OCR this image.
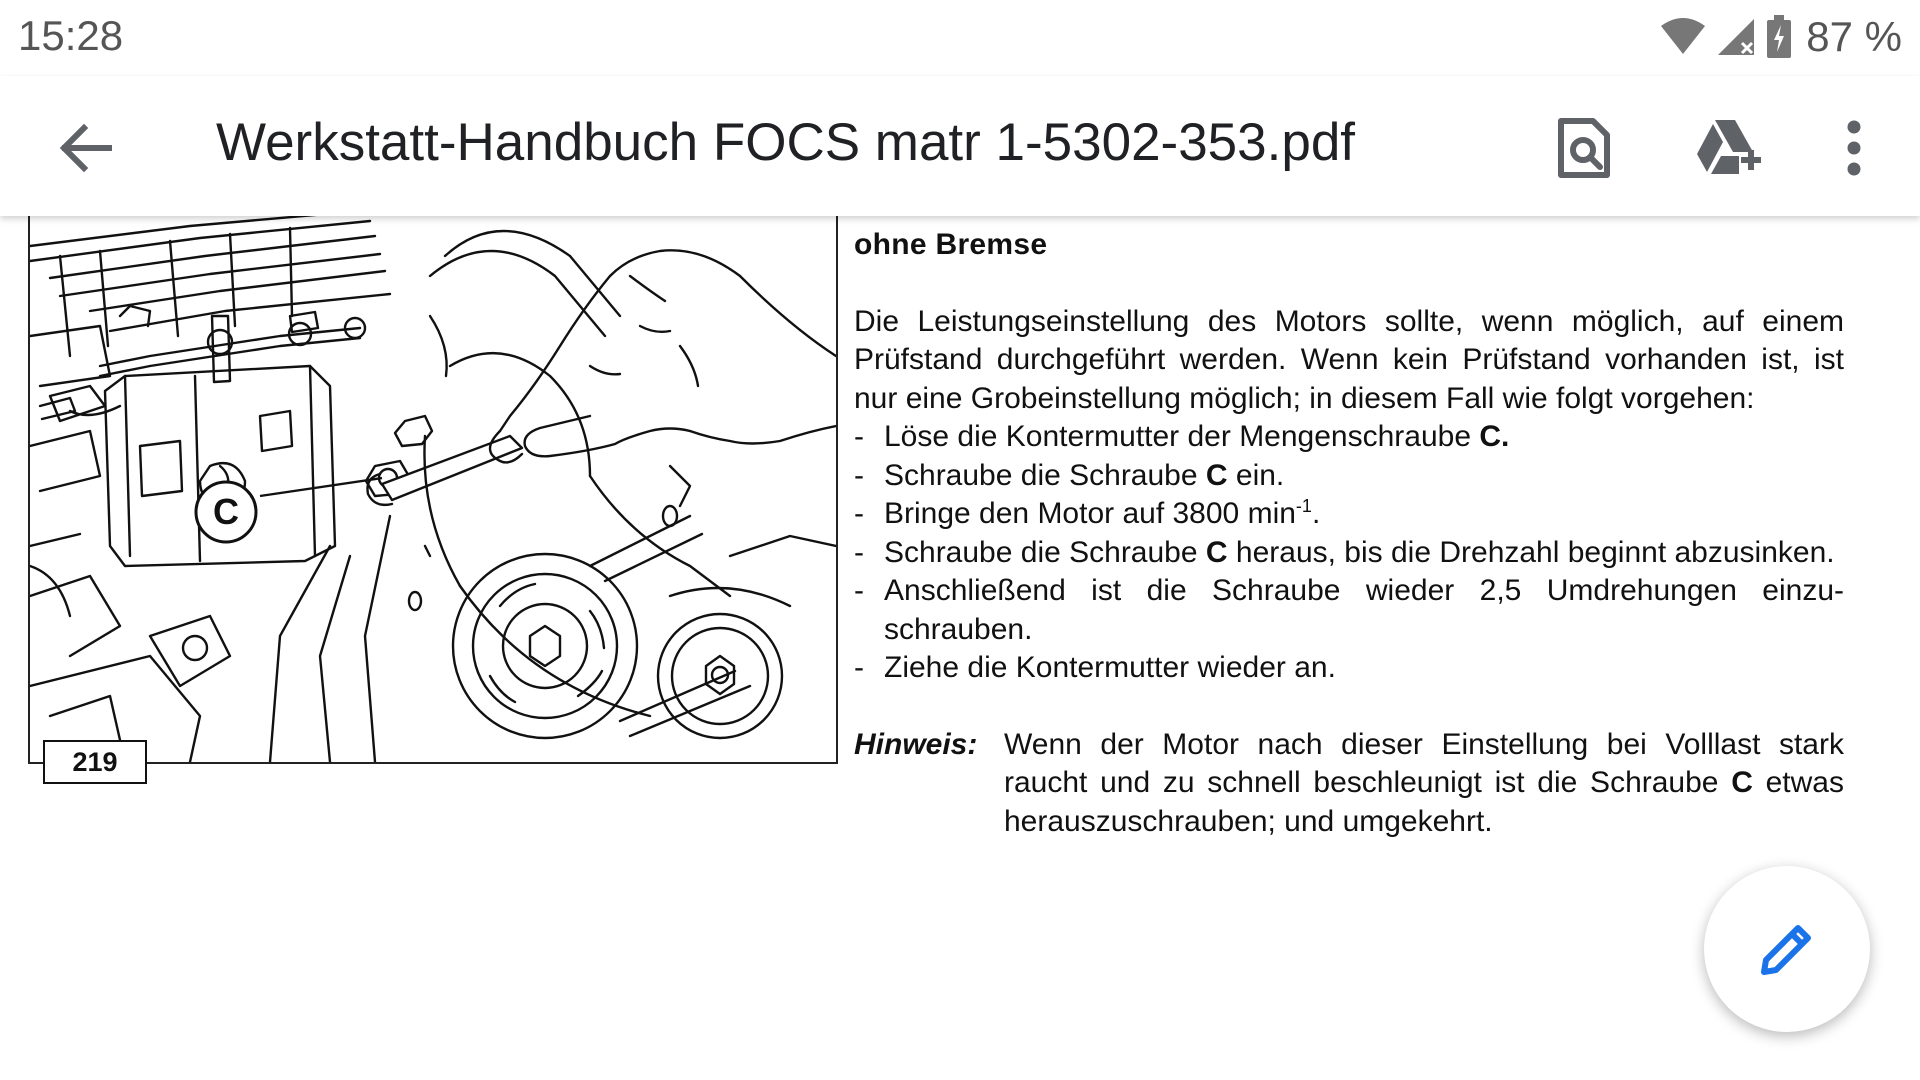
15:28	87 %
Werkstatt-Handbuch FOCS matr 1-5302-353.pdf
C
219
ohne Bremse
Die Leistungseinstellung des Motors sollte, wenn möglich, auf einem Prüfstand durchgeführt werden. Wenn kein Prüfstand vorhanden ist, ist nur eine Grobeinstellung möglich; in diesem Fall wie folgt vorgehen:
- Löse die Kontermutter der Mengenschraube C.
- Schraube die Schraube C ein.
- Bringe den Motor auf 3800 $\min^{-1}$.
- Schraube die Schraube C heraus, bis die Drehzahl beginnt abzusinken.
- Anschließend ist die Schraube wieder 2,5 Umdrehungen einzu-schrauben.
- Ziehe die Kontermutter wieder an.
Hinweis: Wenn der Motor nach dieser Einstellung bei Volllast stark raucht und zu schnell beschleunigt ist die Schraube C etwas herauszuschrauben; und umgekehrt.
